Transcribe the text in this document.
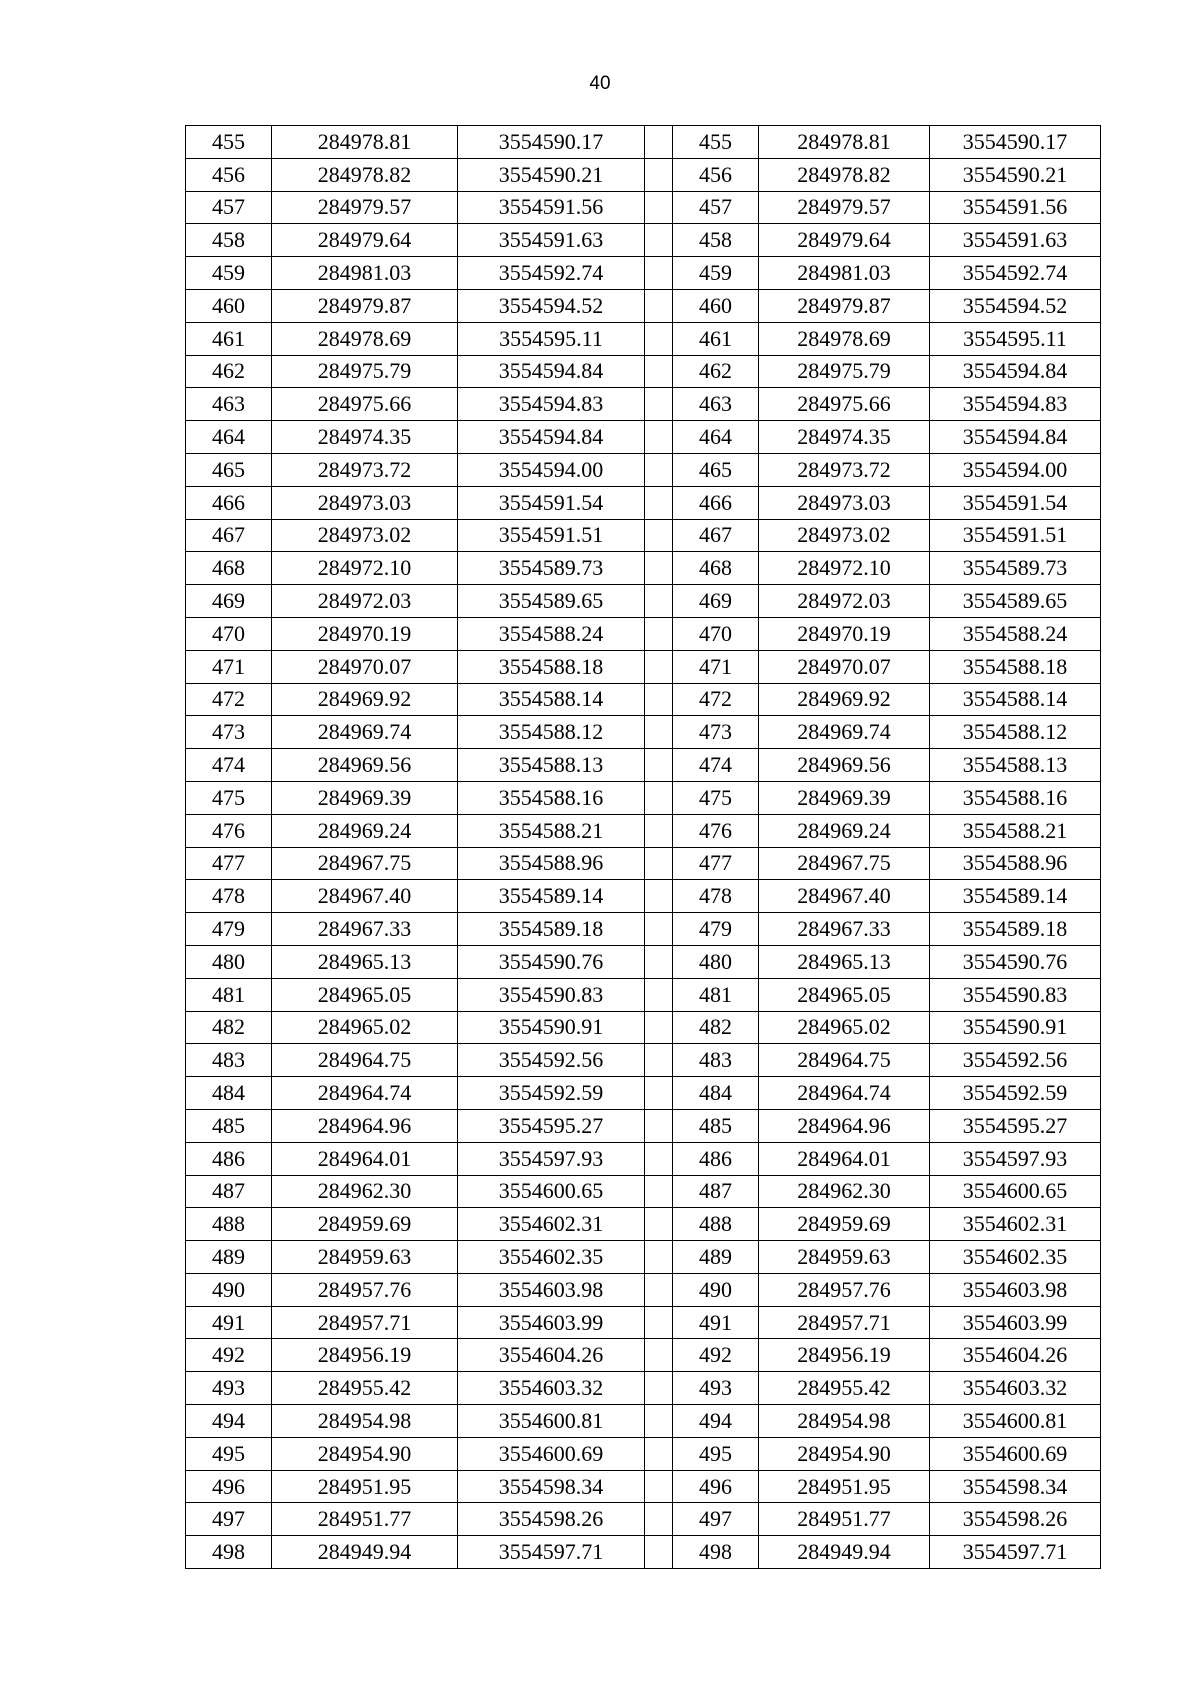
40
455	284978.81	3554590.17		455	284978.81	3554590.17
456	284978.82	3554590.21		456	284978.82	3554590.21
457	284979.57	3554591.56		457	284979.57	3554591.56
458	284979.64	3554591.63		458	284979.64	3554591.63
459	284981.03	3554592.74		459	284981.03	3554592.74
460	284979.87	3554594.52		460	284979.87	3554594.52
461	284978.69	3554595.11		461	284978.69	3554595.11
462	284975.79	3554594.84		462	284975.79	3554594.84
463	284975.66	3554594.83		463	284975.66	3554594.83
464	284974.35	3554594.84		464	284974.35	3554594.84
465	284973.72	3554594.00		465	284973.72	3554594.00
466	284973.03	3554591.54		466	284973.03	3554591.54
467	284973.02	3554591.51		467	284973.02	3554591.51
468	284972.10	3554589.73		468	284972.10	3554589.73
469	284972.03	3554589.65		469	284972.03	3554589.65
470	284970.19	3554588.24		470	284970.19	3554588.24
471	284970.07	3554588.18		471	284970.07	3554588.18
472	284969.92	3554588.14		472	284969.92	3554588.14
473	284969.74	3554588.12		473	284969.74	3554588.12
474	284969.56	3554588.13		474	284969.56	3554588.13
475	284969.39	3554588.16		475	284969.39	3554588.16
476	284969.24	3554588.21		476	284969.24	3554588.21
477	284967.75	3554588.96		477	284967.75	3554588.96
478	284967.40	3554589.14		478	284967.40	3554589.14
479	284967.33	3554589.18		479	284967.33	3554589.18
480	284965.13	3554590.76		480	284965.13	3554590.76
481	284965.05	3554590.83		481	284965.05	3554590.83
482	284965.02	3554590.91		482	284965.02	3554590.91
483	284964.75	3554592.56		483	284964.75	3554592.56
484	284964.74	3554592.59		484	284964.74	3554592.59
485	284964.96	3554595.27		485	284964.96	3554595.27
486	284964.01	3554597.93		486	284964.01	3554597.93
487	284962.30	3554600.65		487	284962.30	3554600.65
488	284959.69	3554602.31		488	284959.69	3554602.31
489	284959.63	3554602.35		489	284959.63	3554602.35
490	284957.76	3554603.98		490	284957.76	3554603.98
491	284957.71	3554603.99		491	284957.71	3554603.99
492	284956.19	3554604.26		492	284956.19	3554604.26
493	284955.42	3554603.32		493	284955.42	3554603.32
494	284954.98	3554600.81		494	284954.98	3554600.81
495	284954.90	3554600.69		495	284954.90	3554600.69
496	284951.95	3554598.34		496	284951.95	3554598.34
497	284951.77	3554598.26		497	284951.77	3554598.26
498	284949.94	3554597.71		498	284949.94	3554597.71
